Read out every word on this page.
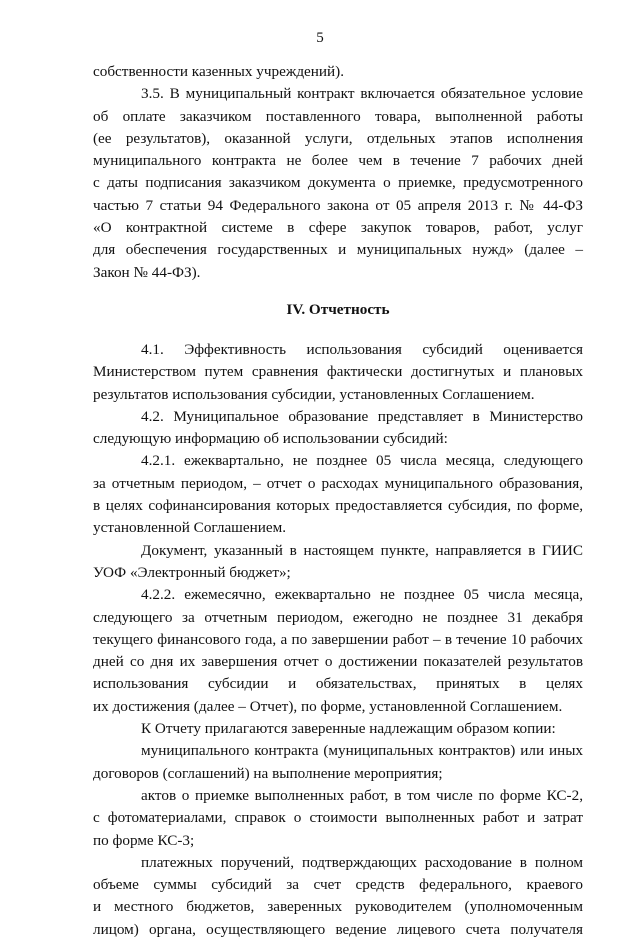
5
собственности казенных учреждений).
3.5. В муниципальный контракт включается обязательное условие
об оплате заказчиком поставленного товара, выполненной работы
(ее результатов), оказанной услуги, отдельных этапов исполнения
муниципального контракта не более чем в течение 7 рабочих дней
с даты подписания заказчиком документа о приемке, предусмотренного
частью 7 статьи 94 Федерального закона от 05 апреля 2013 г. № 44-ФЗ
«О контрактной системе в сфере закупок товаров, работ, услуг
для обеспечения государственных и муниципальных нужд» (далее –
Закон № 44-ФЗ).
IV. Отчетность
4.1. Эффективность использования субсидий оценивается
Министерством путем сравнения фактически достигнутых и плановых
результатов использования субсидии, установленных Соглашением.
4.2. Муниципальное образование представляет в Министерство
следующую информацию об использовании субсидий:
4.2.1. ежеквартально, не позднее 05 числа месяца, следующего
за отчетным периодом, – отчет о расходах муниципального образования,
в целях софинансирования которых предоставляется субсидия, по форме,
установленной Соглашением.
Документ, указанный в настоящем пункте, направляется в ГИИС
УОФ «Электронный бюджет»;
4.2.2. ежемесячно, ежеквартально не позднее 05 числа месяца,
следующего за отчетным периодом, ежегодно не позднее 31 декабря
текущего финансового года, а по завершении работ – в течение 10 рабочих
дней со дня их завершения отчет о достижении показателей результатов
использования субсидии и обязательствах, принятых в целях
их достижения (далее – Отчет), по форме, установленной Соглашением.
К Отчету прилагаются заверенные надлежащим образом копии:
муниципального контракта (муниципальных контрактов) или иных
договоров (соглашений) на выполнение мероприятия;
актов о приемке выполненных работ, в том числе по форме КС-2,
с фотоматериалами, справок о стоимости выполненных работ и затрат
по форме КС-3;
платежных поручений, подтверждающих расходование в полном
объеме суммы субсидий за счет средств федерального, краевого
и местного бюджетов, заверенных руководителем (уполномоченным
лицом) органа, осуществляющего ведение лицевого счета получателя
